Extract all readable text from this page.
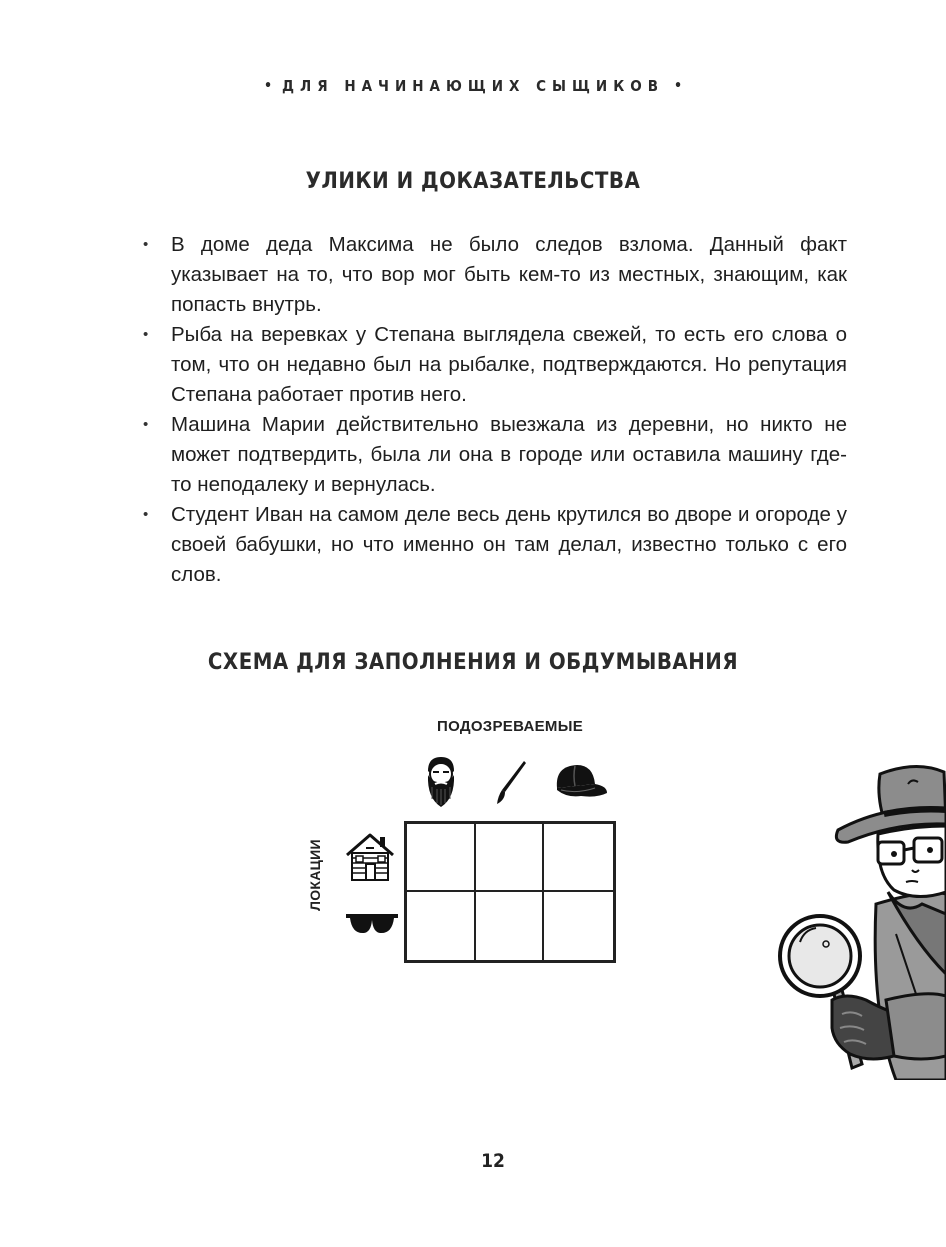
• ДЛЯ НАЧИНАЮЩИХ СЫЩИКОВ •
УЛИКИ И ДОКАЗАТЕЛЬСТВА
• В доме деда Максима не было следов взлома. Данный факт указывает на то, что вор мог быть кем-то из местных, знающим, как попасть внутрь.
• Рыба на веревках у Степана выглядела свежей, то есть его слова о том, что он недавно был на рыбалке, подтверждаются. Но репутация Степана работает против него.
• Машина Марии действительно выезжала из деревни, но никто не может подтвердить, была ли она в городе или оставила машину где-то неподалеку и вернулась.
• Студент Иван на самом деле весь день крутился во дворе и огороде у своей бабушки, но что именно он там делал, известно только с его слов.
СХЕМА ДЛЯ ЗАПОЛНЕНИЯ И ОБДУМЫВАНИЯ
ПОДОЗРЕВАЕМЫЕ
ЛОКАЦИИ
12
